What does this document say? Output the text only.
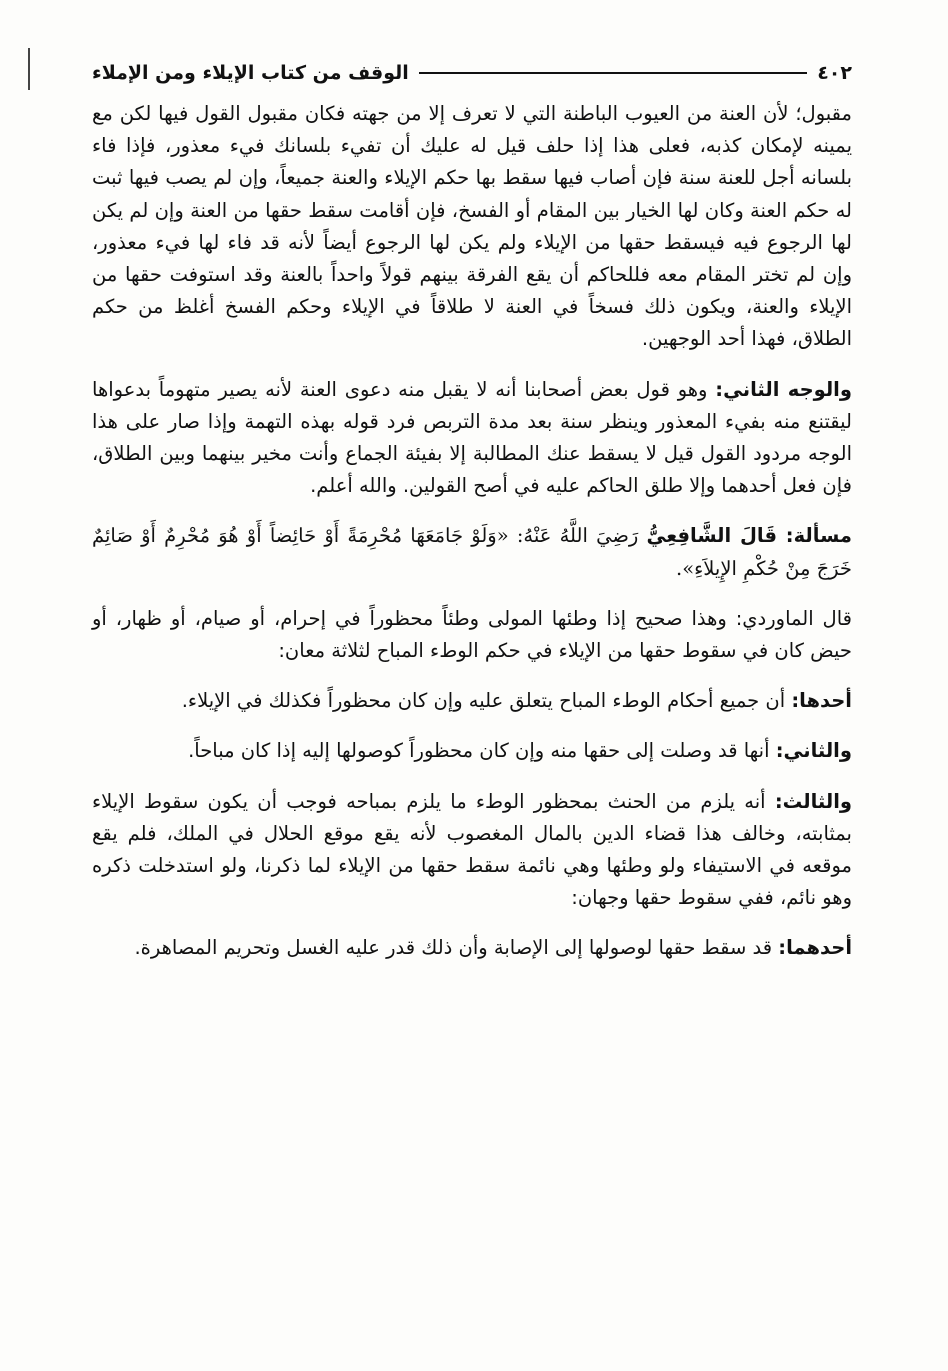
٤٠٢
الوقف من كتاب الإيلاء ومن الإملاء

مقبول؛ لأن العنة من العيوب الباطنة التي لا تعرف إلا من جهته فكان مقبول القول فيها لكن مع يمينه لإمكان كذبه، فعلى هذا إذا حلف قيل له عليك أن تفيء بلسانك فيء معذور، فإذا فاء بلسانه أجل للعنة سنة فإن أصاب فيها سقط بها حكم الإيلاء والعنة جميعاً، وإن لم يصب فيها ثبت له حكم العنة وكان لها الخيار بين المقام أو الفسخ، فإن أقامت سقط حقها من العنة وإن لم يكن لها الرجوع فيه فيسقط حقها من الإيلاء ولم يكن لها الرجوع أيضاً لأنه قد فاء لها فيء معذور، وإن لم تختر المقام معه فللحاكم أن يقع الفرقة بينهم قولاً واحداً بالعنة وقد استوفت حقها من الإيلاء والعنة، ويكون ذلك فسخاً في العنة لا طلاقاً في الإيلاء وحكم الفسخ أغلظ من حكم الطلاق، فهذا أحد الوجهين.

والوجه الثاني: وهو قول بعض أصحابنا أنه لا يقبل منه دعوى العنة لأنه يصير متهوماً بدعواها ليقتنع منه بفيء المعذور وينظر سنة بعد مدة التربص فرد قوله بهذه التهمة وإذا صار على هذا الوجه مردود القول قيل لا يسقط عنك المطالبة إلا بفيئة الجماع وأنت مخير بينهما وبين الطلاق، فإن فعل أحدهما وإلا طلق الحاكم عليه في أصح القولين. والله أعلم.

مسألة: قَالَ الشَّافِعِيُّ رَضِيَ اللَّهُ عَنْهُ: «وَلَوْ جَامَعَهَا مُحْرِمَةً أَوْ حَائِضاً أَوْ هُوَ مُحْرِمٌ أَوْ صَائِمٌ خَرَجَ مِنْ حُكْمِ الإِيلاَءِ».

قال الماوردي: وهذا صحيح إذا وطئها المولى وطئاً محظوراً في إحرام، أو صيام، أو ظهار، أو حيض كان في سقوط حقها من الإيلاء في حكم الوطء المباح لثلاثة معان:

أحدها: أن جميع أحكام الوطء المباح يتعلق عليه وإن كان محظوراً فكذلك في الإيلاء.

والثاني: أنها قد وصلت إلى حقها منه وإن كان محظوراً كوصولها إليه إذا كان مباحاً.

والثالث: أنه يلزم من الحنث بمحظور الوطء ما يلزم بمباحه فوجب أن يكون سقوط الإيلاء بمثابته، وخالف هذا قضاء الدين بالمال المغصوب لأنه يقع موقع الحلال في الملك، فلم يقع موقعه في الاستيفاء ولو وطئها وهي نائمة سقط حقها من الإيلاء لما ذكرنا، ولو استدخلت ذكره وهو نائم، ففي سقوط حقها وجهان:

أحدهما: قد سقط حقها لوصولها إلى الإصابة وأن ذلك قدر عليه الغسل وتحريم المصاهرة.
